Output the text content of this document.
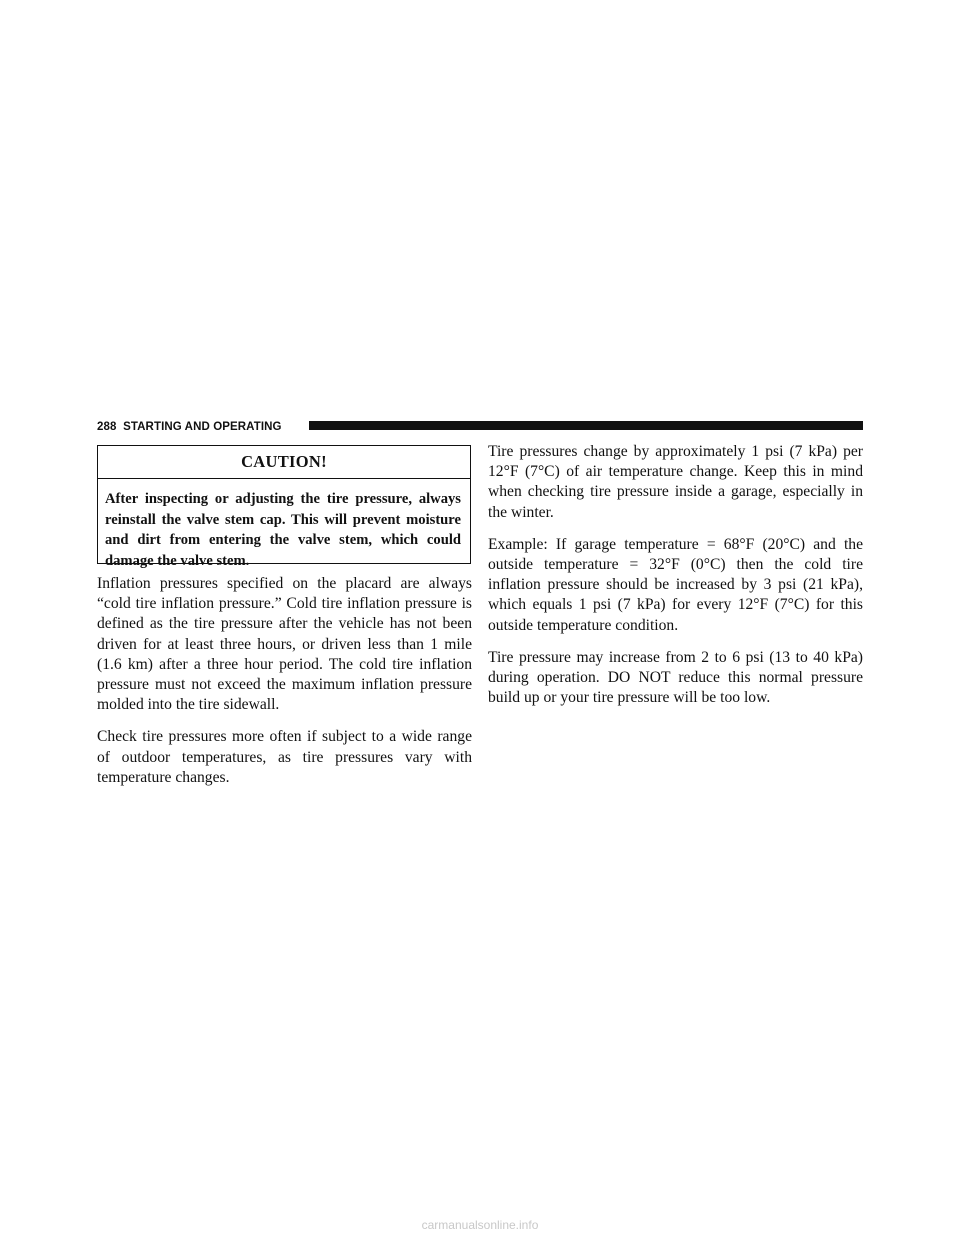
288 STARTING AND OPERATING
CAUTION!
After inspecting or adjusting the tire pressure, always reinstall the valve stem cap. This will prevent moisture and dirt from entering the valve stem, which could damage the valve stem.

Inflation pressures specified on the placard are always “cold tire inflation pressure.” Cold tire inflation pressure is defined as the tire pressure after the vehicle has not been driven for at least three hours, or driven less than 1 mile (1.6 km) after a three hour period. The cold tire inflation pressure must not exceed the maximum inflation pressure molded into the tire sidewall.

Check tire pressures more often if subject to a wide range of outdoor temperatures, as tire pressures vary with temperature changes.

Tire pressures change by approximately 1 psi (7 kPa) per 12°F (7°C) of air temperature change. Keep this in mind when checking tire pressure inside a garage, especially in the winter.

Example: If garage temperature = 68°F (20°C) and the outside temperature = 32°F (0°C) then the cold tire inflation pressure should be increased by 3 psi (21 kPa), which equals 1 psi (7 kPa) for every 12°F (7°C) for this outside temperature condition.

Tire pressure may increase from 2 to 6 psi (13 to 40 kPa) during operation. DO NOT reduce this normal pressure build up or your tire pressure will be too low.

carmanualsonline.info
